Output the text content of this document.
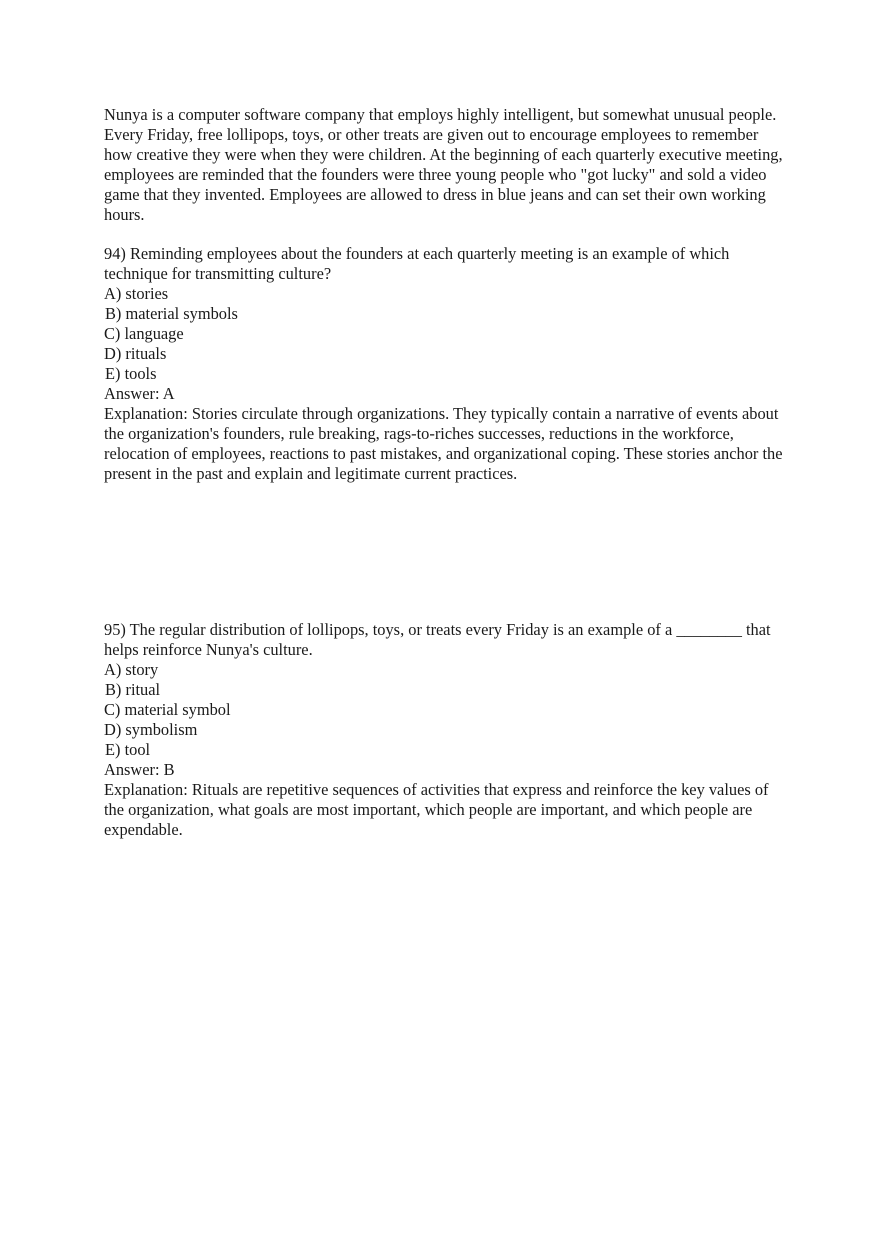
Nunya is a computer software company that employs highly intelligent, but somewhat unusual people. Every Friday, free lollipops, toys, or other treats are given out to encourage employees to remember how creative they were when they were children. At the beginning of each quarterly executive meeting, employees are reminded that the founders were three young people who "got lucky" and sold a video game that they invented. Employees are allowed to dress in blue jeans and can set their own working hours.

94) Reminding employees about the founders at each quarterly meeting is an example of which technique for transmitting culture?

A) stories
B) material symbols
C) language
D) rituals
E) tools
Answer: A

Explanation: Stories circulate through organizations. They typically contain a narrative of events about the organization's founders, rule breaking, rags-to-riches successes, reductions in the workforce, relocation of employees, reactions to past mistakes, and organizational coping. These stories anchor the present in the past and explain and legitimate current practices.

95) The regular distribution of lollipops, toys, or treats every Friday is an example of a ________ that helps reinforce Nunya's culture.

A) story
B) ritual
C) material symbol
D) symbolism
E) tool
Answer: B

Explanation: Rituals are repetitive sequences of activities that express and reinforce the key values of the organization, what goals are most important, which people are important, and which people are expendable.
